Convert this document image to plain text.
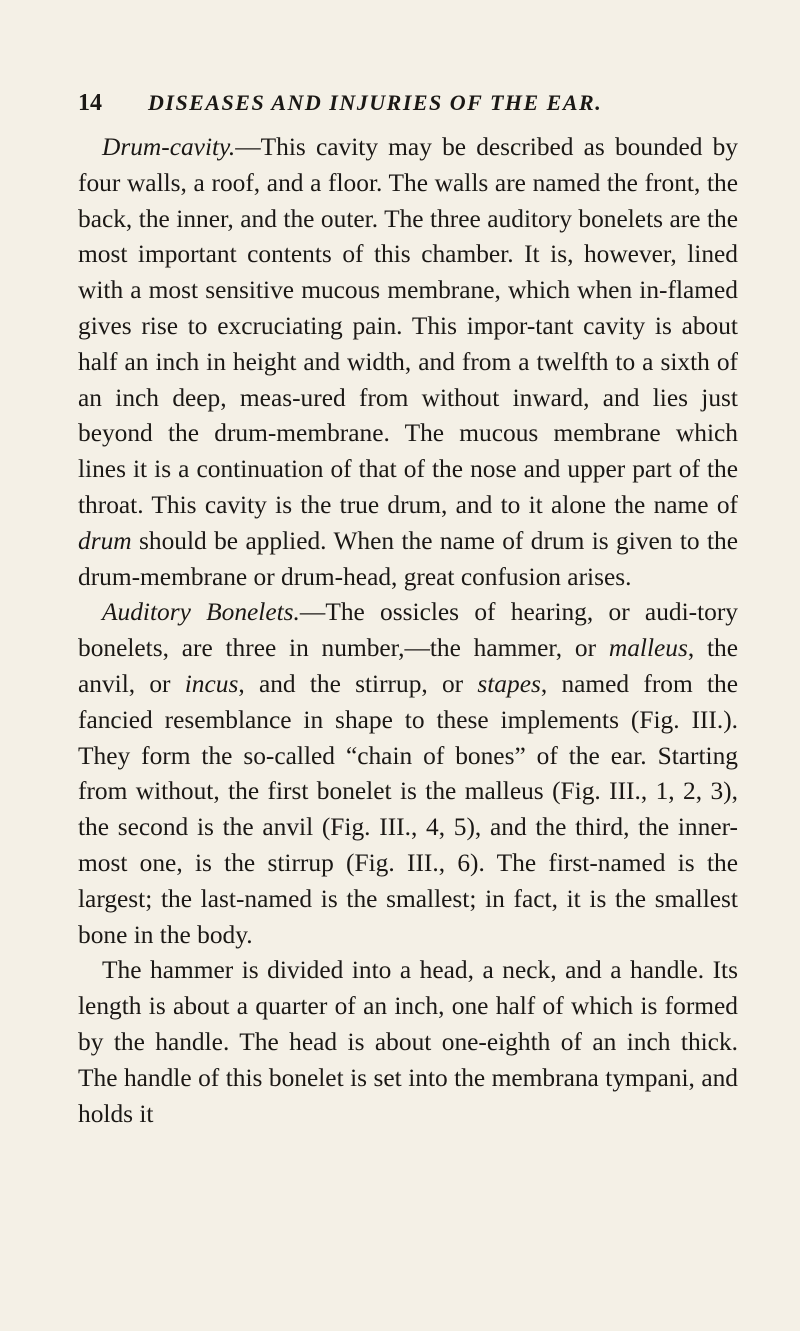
14 DISEASES AND INJURIES OF THE EAR.

Drum-cavity.—This cavity may be described as bounded by four walls, a roof, and a floor. The walls are named the front, the back, the inner, and the outer. The three auditory bonelets are the most important contents of this chamber. It is, however, lined with a most sensitive mucous membrane, which when in-flamed gives rise to excruciating pain. This impor-tant cavity is about half an inch in height and width, and from a twelfth to a sixth of an inch deep, meas-ured from without inward, and lies just beyond the drum-membrane. The mucous membrane which lines it is a continuation of that of the nose and upper part of the throat. This cavity is the true drum, and to it alone the name of drum should be applied. When the name of drum is given to the drum-membrane or drum-head, great confusion arises.

Auditory Bonelets.—The ossicles of hearing, or audi-tory bonelets, are three in number,—the hammer, or malleus, the anvil, or incus, and the stirrup, or stapes, named from the fancied resemblance in shape to these implements (Fig. III.). They form the so-called “chain of bones” of the ear. Starting from without, the first bonelet is the malleus (Fig. III., 1, 2, 3), the second is the anvil (Fig. III., 4, 5), and the third, the inner-most one, is the stirrup (Fig. III., 6). The first-named is the largest; the last-named is the smallest; in fact, it is the smallest bone in the body.

The hammer is divided into a head, a neck, and a handle. Its length is about a quarter of an inch, one half of which is formed by the handle. The head is about one-eighth of an inch thick. The handle of this bonelet is set into the membrana tympani, and holds it
